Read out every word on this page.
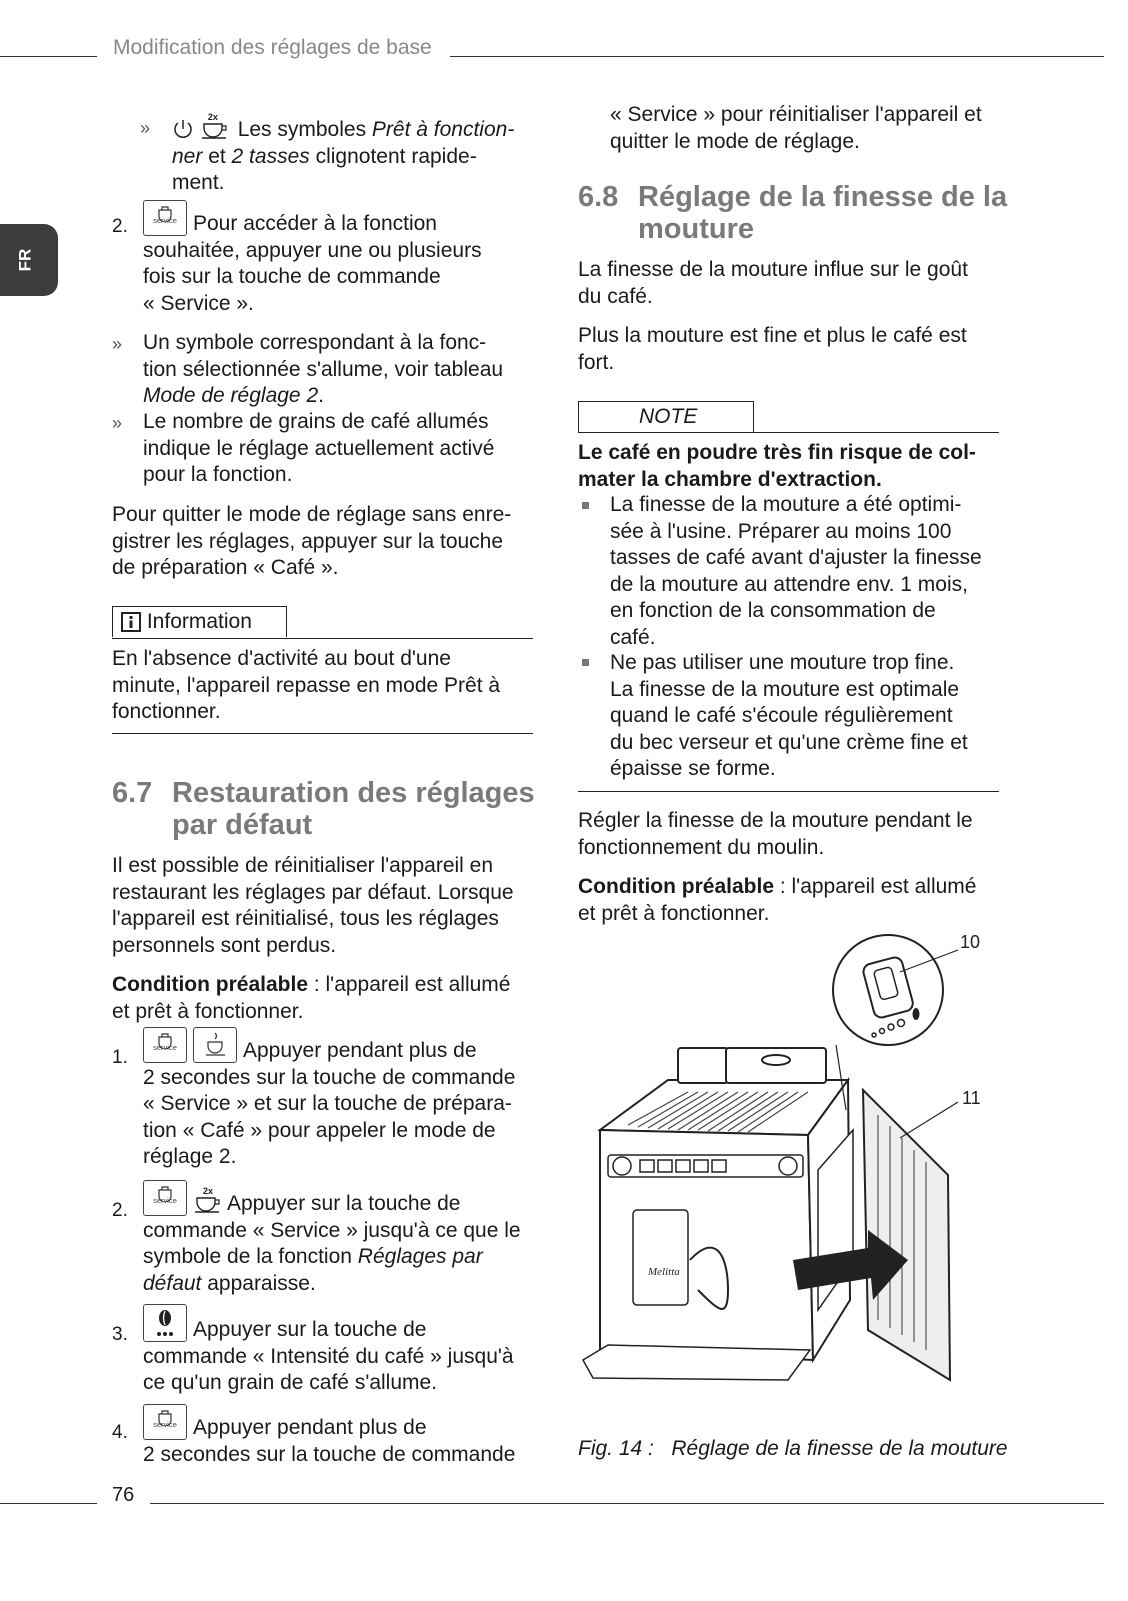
Modification des réglages de base
FR
»

2x
Les symboles Prêt à fonction-
ner et 2 tasses clignotent rapide-
ment.
2.	service Pour accéder à la fonction
souhaitée, appuyer une ou plusieurs
fois sur la touche de commande
« Service ».
» Un symbole correspondant à la fonc-
tion sélectionnée s'allume, voir tableau
Mode de réglage 2.
» Le nombre de grains de café allumés
indique le réglage actuellement activé
pour la fonction.
Pour quitter le mode de réglage sans enre-
gistrer les réglages, appuyer sur la touche
de préparation « Café ».
Information
En l'absence d'activité au bout d'une
minute, l'appareil repasse en mode Prêt à
fonctionner.
6.7 Restauration des réglages
par défaut
Il est possible de réinitialiser l'appareil en
restaurant les réglages par défaut. Lorsque
l'appareil est réinitialisé, tous les réglages
personnels sont perdus.
Condition préalable : l'appareil est allumé
et prêt à fonctionner.
1.	service	Appuyer pendant plus de
2 secondes sur la touche de commande
« Service » et sur la touche de prépara-
tion « Café » pour appeler le mode de
réglage 2.
2.	service
2x
Appuyer sur la touche de
commande « Service » jusqu'à ce que le
symbole de la fonction Réglages par
défaut apparaisse.
3.	Appuyer sur la touche de
commande « Intensité du café » jusqu'à
ce qu'un grain de café s'allume.
4.	service Appuyer pendant plus de
2 secondes sur la touche de commande
« Service » pour réinitialiser l'appareil et
quitter le mode de réglage.
6.8 Réglage de la finesse de la
mouture
La finesse de la mouture influe sur le goût
du café.
Plus la mouture est fine et plus le café est
fort.
NOTE
Le café en poudre très fin risque de col-
mater la chambre d'extraction.
La finesse de la mouture a été optimi-
sée à l'usine. Préparer au moins 100
tasses de café avant d'ajuster la finesse
de la mouture au attendre env. 1 mois,
en fonction de la consommation de
café.
Ne pas utiliser une mouture trop fine.
La finesse de la mouture est optimale
quand le café s'écoule régulièrement
du bec verseur et qu'une crème fine et
épaisse se forme.
Régler la finesse de la mouture pendant le
fonctionnement du moulin.
Condition préalable : l'appareil est allumé
et prêt à fonctionner.
Melitta
10
11
Fig. 14 : Réglage de la finesse de la mouture
76
